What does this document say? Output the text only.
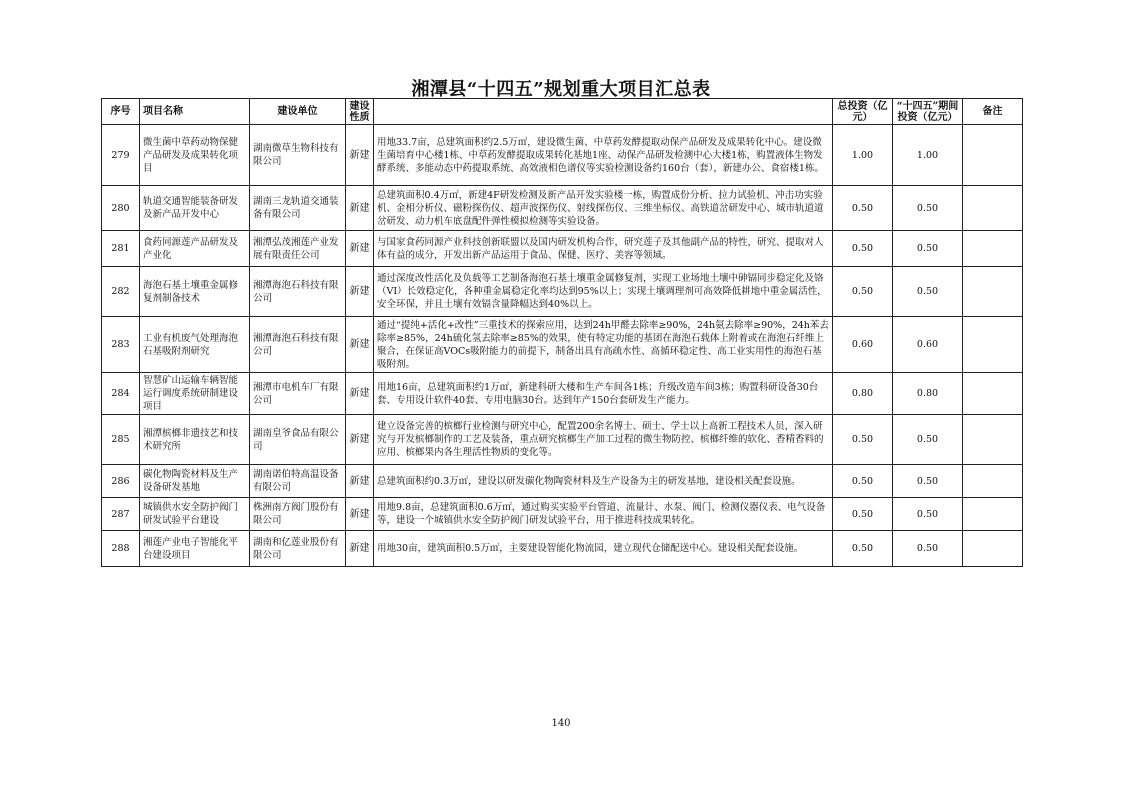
湘潭县“十四五”规划重大项目汇总表
序号	项目名称	建设单位	建设性质		总投资（亿元）	“十四五”期间投资（亿元）	备注
279	微生菌中草药动物保健产品研发及成果转化项目	湖南微草生物科技有限公司	新建	用地33.7亩，总建筑面积约2.5万㎡，建设微生菌、中草药发酵提取动保产品研发及成果转化中心。建设微生菌培育中心楼1栋、中草药发酵提取成果转化基地1座、动保产品研发检测中心大楼1栋，购置液体生物发酵系统、多能动态中药提取系统、高效液相色谱仪等实验检测设备约160台（套），新建办公、食宿楼1栋。	1.00	1.00	
280	轨道交通智能装备研发及新产品开发中心	湖南三龙轨道交通装备有限公司	新建	总建筑面积0.4万㎡，新建4F研发检测及新产品开发实验楼一栋，购置成份分析、拉力试验机、冲击功实验机、金相分析仪、磁粉探伤仪、超声波探伤仪、射线探伤仪、三维坐标仪、高铁道岔研发中心、城市轨道道岔研发、动力机车底盘配件弹性模拟检测等实验设备。	0.50	0.50	
281	食药同源莲产品研发及产业化	湘潭弘茂湘莲产业发展有限责任公司	新建	与国家食药同源产业科技创新联盟以及国内研发机构合作，研究莲子及其他副产品的特性，研究、提取对人体有益的成分，开发出新产品运用于食品、保健、医疗、美容等领域。	0.50	0.50	
282	海泡石基土壤重金属修复剂制备技术	湘潭海泡石科技有限公司	新建	通过深度改性活化及负载等工艺制备海泡石基土壤重金属修复剂，实现工业场地土壤中砷镉同步稳定化及铬（VI）长效稳定化，各种重金属稳定化率均达到95%以上；实现土壤调理剂可高效降低耕地中重金属活性，安全环保，并且土壤有效镉含量降幅达到40%以上。	0.50	0.50	
283	工业有机废气处理海泡石基吸附剂研究	湘潭海泡石科技有限公司	新建	通过“提纯+活化+改性”三重技术的探索应用，达到24h甲醛去除率≥90%，24h氨去除率≥90%，24h苯去除率≥85%，24h硫化氢去除率≥85%的效果，使有特定功能的基团在海泡石载体上附着或在海泡石纤维上聚合，在保证高VOCs吸附能力的前提下，制备出具有高疏水性、高循环稳定性、高工业实用性的海泡石基吸附剂。	0.60	0.60	
284	智慧矿山运输车辆智能运行调度系统研制建设项目	湘潭市电机车厂有限公司	新建	用地16亩，总建筑面积约1万㎡，新建科研大楼和生产车间各1栋；升级改造车间3栋；购置科研设备30台套、专用设计软件40套、专用电脑30台。达到年产150台套研发生产能力。	0.80	0.80	
285	湘潭槟榔非遗技艺和技术研究所	湖南皇爷食品有限公司	新建	建立设备完善的槟榔行业检测与研究中心，配置200余名博士、硕士、学士以上高新工程技术人员，深入研究与开发槟榔制作的工艺及装备，重点研究槟榔生产加工过程的微生物防控、槟榔纤维的软化、香精香料的应用、槟榔果内各生理活性物质的变化等。	0.50	0.50	
286	碳化物陶瓷材料及生产设备研发基地	湖南诺伯特高温设备有限公司	新建	总建筑面积约0.3万㎡，建设以研发碳化物陶瓷材料及生产设备为主的研发基地，建设相关配套设施。	0.50	0.50	
287	城镇供水安全防护阀门研发试验平台建设	株洲南方阀门股份有限公司	新建	用地9.8亩，总建筑面积0.6万㎡，通过购买实验平台管道、流量计、水泵、阀门、检测仪器仪表、电气设备等，建设一个城镇供水安全防护阀门研发试验平台，用于推进科技成果转化。	0.50	0.50	
288	湘莲产业电子智能化平台建设项目	湖南和亿莲业股份有限公司	新建	用地30亩，建筑面积0.5万㎡，主要建设智能化物流园，建立现代仓储配送中心。建设相关配套设施。	0.50	0.50	
140
